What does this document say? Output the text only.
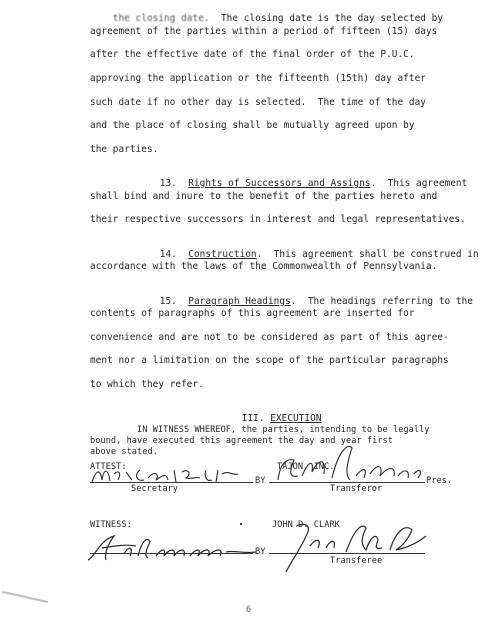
the closing date. The closing date is the day selected by

agreement of the parties within a period of fifteen (15) days
after the effective date of the final order of the P.U.C.
approving the application or the fifteenth (15th) day after
such date if no other day is selected.  The time of the day
and the place of closing shall be mutually agreed upon by
the parties.

13. Rights of Successors and Assigns.  This agreement

shall bind and inure to the benefit of the parties hereto and
their respective successors in interest and legal representatives.

14. Construction.  This agreement shall be construed in

accordance with the laws of the Commonwealth of Pennsylvania.

15. Paragraph Headings.  The headings referring to the

contents of paragraphs of this agreement are inserted for
convenience and are not to be considered as part of this agree-
ment nor a limitation on the scope of the particular paragraphs
to which they refer.

III. EXECUTION

IN WITNESS WHEREOF, the parties, intending to be legally
bound, have executed this agreement the day and year first
above stated.
ATTEST:	TAJON, INC.
BY	Pres.
Secretary	Transferor
WITNESS:	JOHN D. CLARK
BY
Transferee
6
